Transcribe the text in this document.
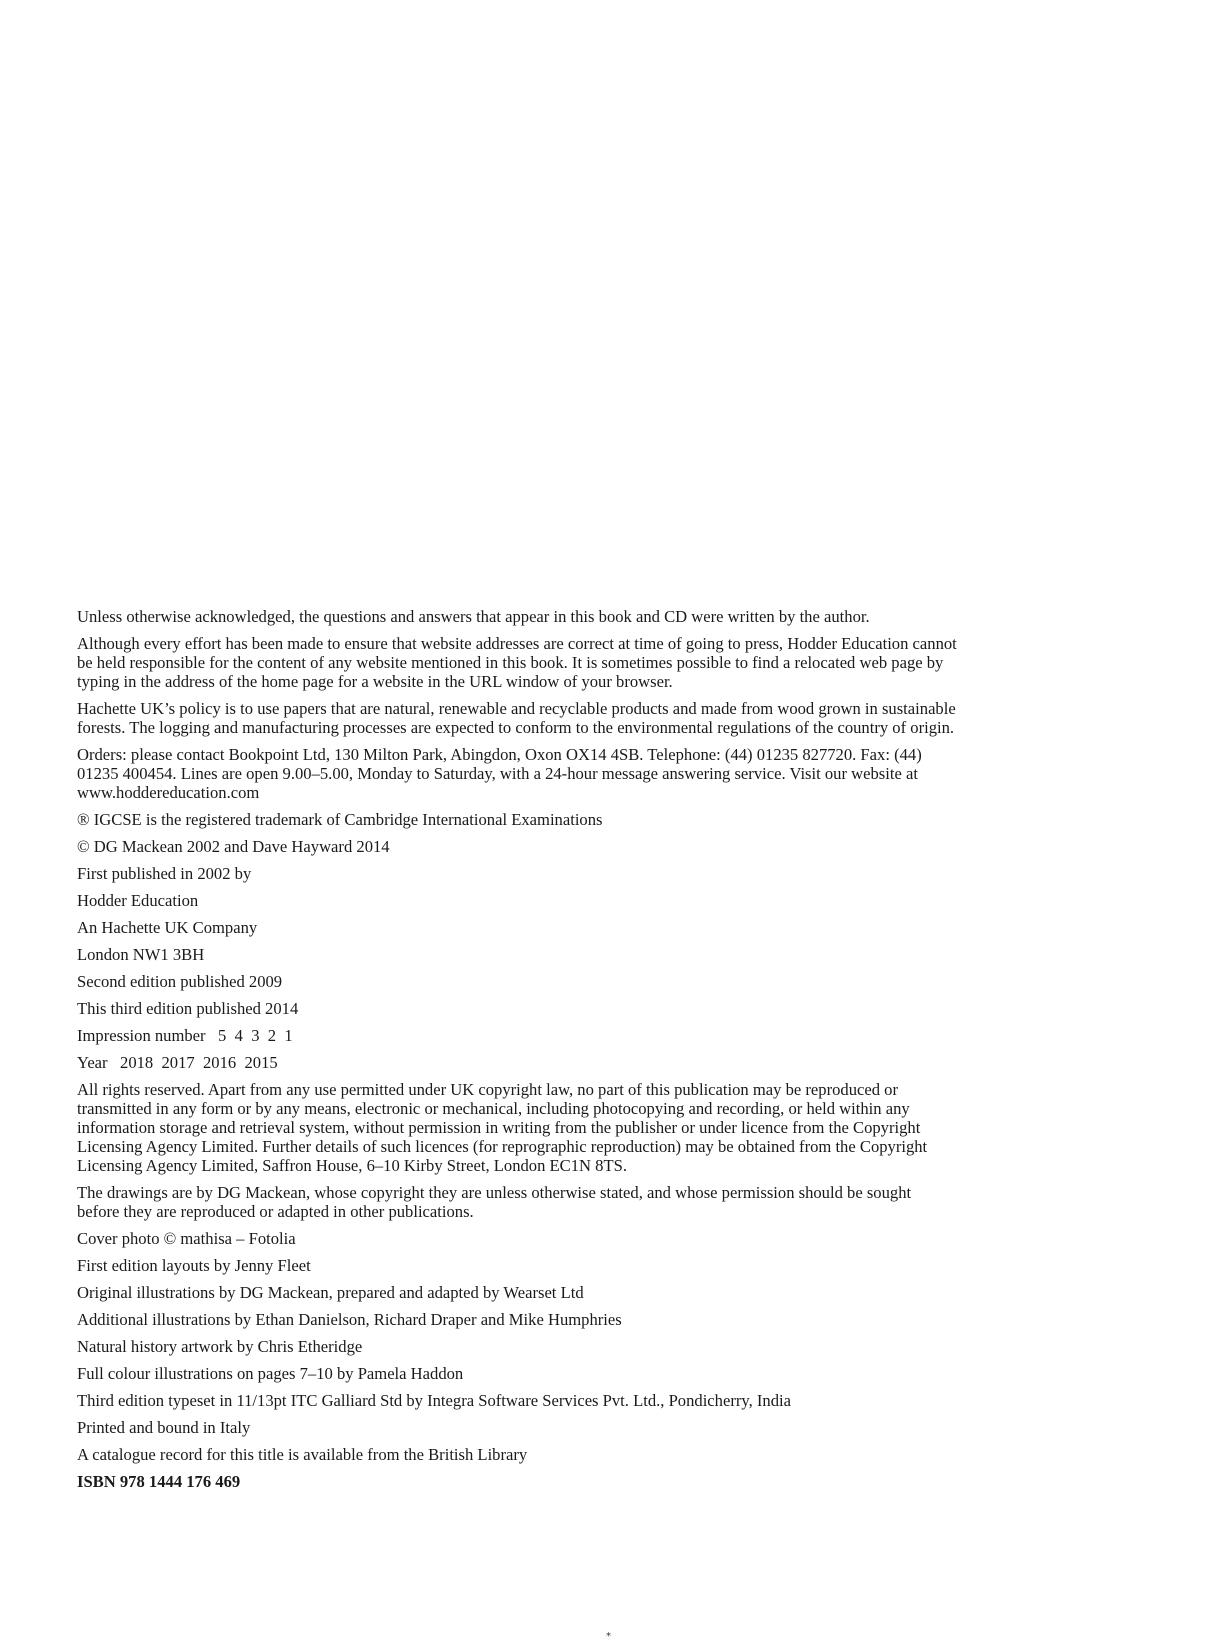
Unless otherwise acknowledged, the questions and answers that appear in this book and CD were written by the author.

Although every effort has been made to ensure that website addresses are correct at time of going to press, Hodder Education cannot be held responsible for the content of any website mentioned in this book. It is sometimes possible to find a relocated web page by typing in the address of the home page for a website in the URL window of your browser.

Hachette UK’s policy is to use papers that are natural, renewable and recyclable products and made from wood grown in sustainable forests. The logging and manufacturing processes are expected to conform to the environmental regulations of the country of origin.

Orders: please contact Bookpoint Ltd, 130 Milton Park, Abingdon, Oxon OX14 4SB. Telephone: (44) 01235 827720. Fax: (44) 01235 400454. Lines are open 9.00–5.00, Monday to Saturday, with a 24-hour message answering service. Visit our website at www.hoddereducation.com

® IGCSE is the registered trademark of Cambridge International Examinations

© DG Mackean 2002 and Dave Hayward 2014

First published in 2002 by

Hodder Education

An Hachette UK Company

London NW1 3BH

Second edition published 2009

This third edition published 2014

Impression number   5  4  3  2  1

Year   2018  2017  2016  2015

All rights reserved. Apart from any use permitted under UK copyright law, no part of this publication may be reproduced or transmitted in any form or by any means, electronic or mechanical, including photocopying and recording, or held within any information storage and retrieval system, without permission in writing from the publisher or under licence from the Copyright Licensing Agency Limited. Further details of such licences (for reprographic reproduction) may be obtained from the Copyright Licensing Agency Limited, Saffron House, 6–10 Kirby Street, London EC1N 8TS.

The drawings are by DG Mackean, whose copyright they are unless otherwise stated, and whose permission should be sought before they are reproduced or adapted in other publications.

Cover photo © mathisa – Fotolia

First edition layouts by Jenny Fleet

Original illustrations by DG Mackean, prepared and adapted by Wearset Ltd

Additional illustrations by Ethan Danielson, Richard Draper and Mike Humphries

Natural history artwork by Chris Etheridge

Full colour illustrations on pages 7–10 by Pamela Haddon

Third edition typeset in 11/13pt ITC Galliard Std by Integra Software Services Pvt. Ltd., Pondicherry, India

Printed and bound in Italy

A catalogue record for this title is available from the British Library

ISBN 978 1444 176 469

*
